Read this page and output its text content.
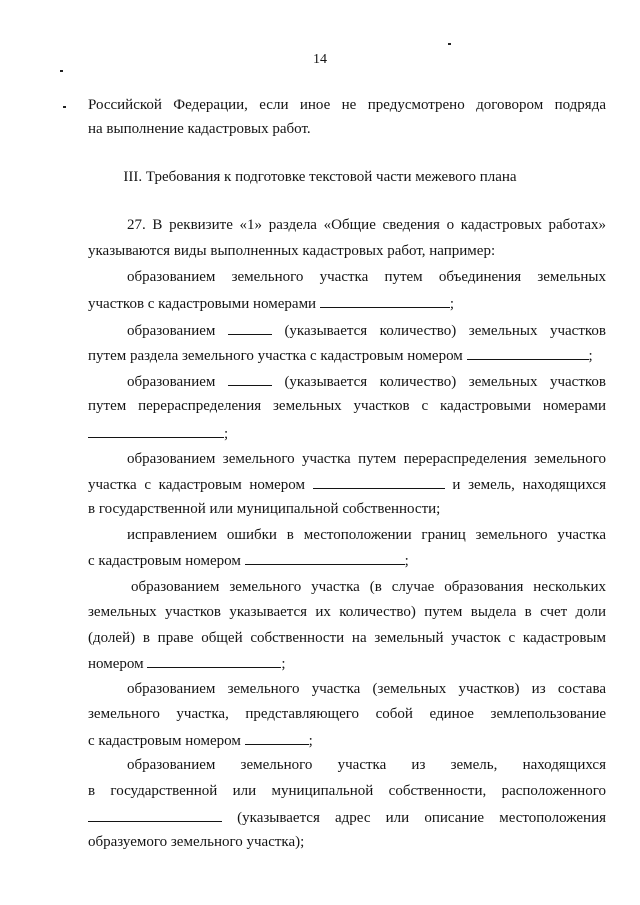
14
Российской Федерации, если иное не предусмотрено договором подряда
на выполнение кадастровых работ.
III. Требования к подготовке текстовой части межевого плана
27. В реквизите «1» раздела «Общие сведения о кадастровых работах»
указываются виды выполненных кадастровых работ, например:
образованием земельного участка путем объединения земельных
участков с кадастровыми номерами	;
образованием	(указывается количество) земельных участков
путем раздела земельного участка с кадастровым номером	;
образованием	(указывается количество) земельных участков
путем перераспределения земельных участков с кадастровыми номерами
;
образованием земельного участка путем перераспределения земельного
участка с кадастровым номером	и земель, находящихся
в государственной или муниципальной собственности;
исправлением ошибки в местоположении границ земельного участка
с кадастровым номером	;
образованием земельного участка (в случае образования нескольких
земельных участков указывается их количество) путем выдела в счет доли
(долей) в праве общей собственности на земельный участок с кадастровым
номером	;
образованием земельного участка (земельных участков) из состава
земельного участка, представляющего собой единое землепользование
с кадастровым номером	;
образованием земельного участка из земель, находящихся
в государственной или муниципальной собственности, расположенного
(указывается адрес или описание местоположения
образуемого земельного участка);
